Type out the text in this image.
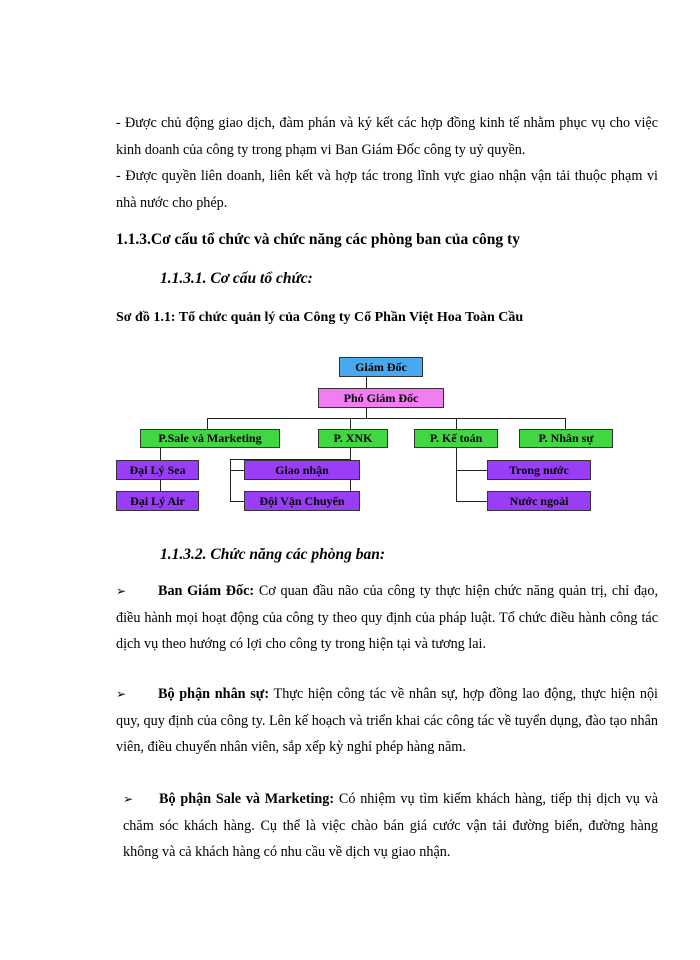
- Được chủ động giao dịch, đàm phán và ký kết các hợp đồng kinh tế nhằm phục vụ cho việc kinh doanh của công ty trong phạm vi Ban Giám Đốc công ty uỷ quyền.
- Được quyền liên doanh, liên kết và hợp tác trong lĩnh vực giao nhận vận tải thuộc phạm vi nhà nước cho phép.
1.1.3.Cơ cấu tổ chức và chức năng các phòng ban của công ty
1.1.3.1. Cơ cấu tổ chức:
Sơ đồ 1.1: Tổ chức quản lý của Công ty Cổ Phần Việt Hoa Toàn Cầu
Giám Đốc
Phó Giám Đốc
P.Sale và Marketing	P. XNK	P. Kế toán	P. Nhân sự
Đại Lý Sea
Đại Lý Air
Giao nhận
Đội Vận Chuyển
Trong nước
Nước ngoài
1.1.3.2. Chức năng các phòng ban:
➢ Ban Giám Đốc: Cơ quan đầu não của công ty thực hiện chức năng quản trị, chỉ đạo, điều hành mọi hoạt động của công ty theo quy định của pháp luật. Tổ chức điều hành công tác dịch vụ theo hướng có lợi cho công ty trong hiện tại và tương lai.
➢ Bộ phận nhân sự: Thực hiện công tác về nhân sự, hợp đồng lao động, thực hiện nội quy, quy định của công ty. Lên kế hoạch và triển khai các công tác về tuyển dụng, đào tạo nhân viên, điều chuyển nhân viên, sắp xếp kỳ nghỉ phép hàng năm.
➢ Bộ phận Sale và Marketing: Có nhiệm vụ tìm kiếm khách hàng, tiếp thị dịch vụ và chăm sóc khách hàng. Cụ thể là việc chào bán giá cước vận tải đường biển, đường hàng không và cả khách hàng có nhu cầu về dịch vụ giao nhận.
